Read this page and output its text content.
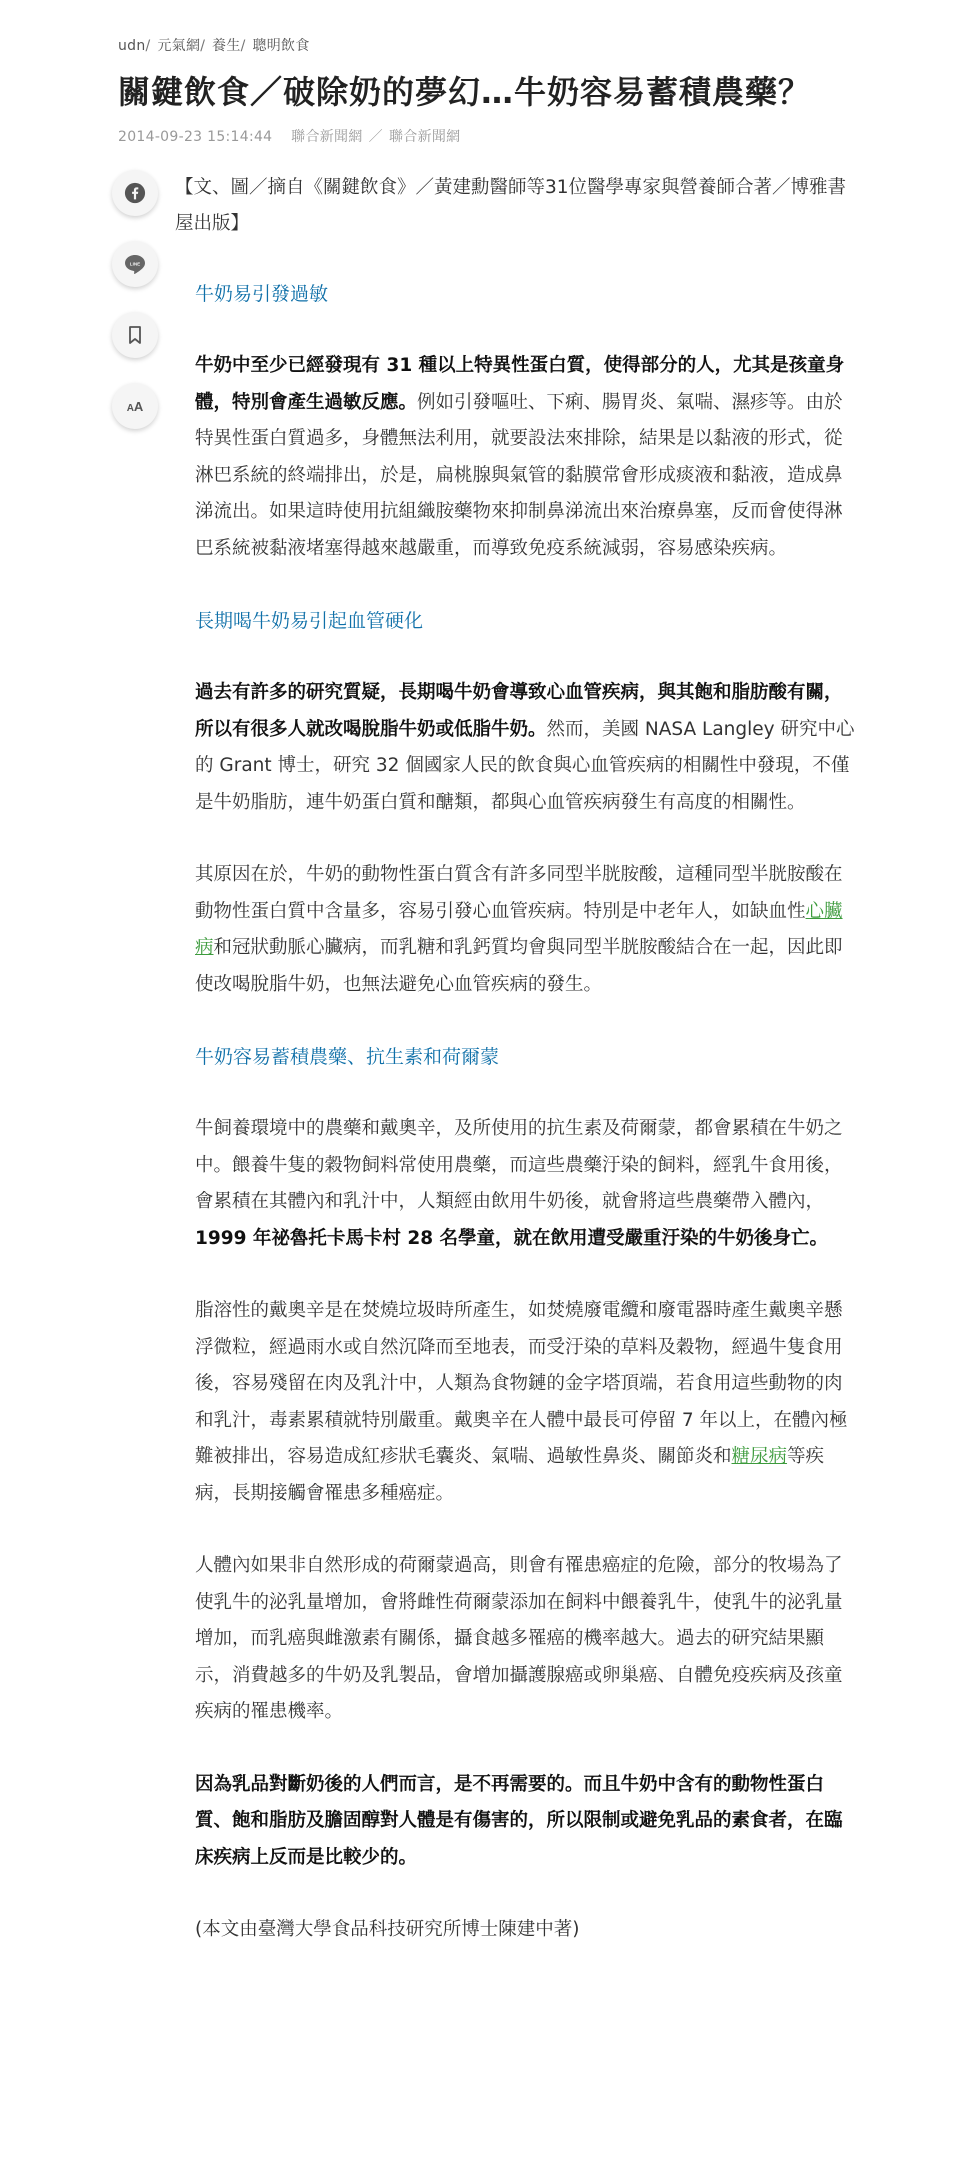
udn/ 元氣網/ 養生/ 聰明飲食
關鍵飲食／破除奶的夢幻…牛奶容易蓄積農藥？
2014-09-23 15:14:44 聯合新聞網 ／ 聯合新聞網
LINE
AA

【文、圖／摘自《關鍵飲食》／黃建勳醫師等31位醫學專家與營養師合著／博雅書屋出版】

牛奶易引發過敏

牛奶中至少已經發現有 31 種以上特異性蛋白質，使得部分的人，尤其是孩童身體，特別會產生過敏反應。例如引發嘔吐、下痢、腸胃炎、氣喘、濕疹等。由於特異性蛋白質過多，身體無法利用，就要設法來排除，結果是以黏液的形式，從淋巴系統的終端排出，於是，扁桃腺與氣管的黏膜常會形成痰液和黏液，造成鼻涕流出。如果這時使用抗組織胺藥物來抑制鼻涕流出來治療鼻塞，反而會使得淋巴系統被黏液堵塞得越來越嚴重，而導致免疫系統減弱，容易感染疾病。

長期喝牛奶易引起血管硬化

過去有許多的研究質疑，長期喝牛奶會導致心血管疾病，與其飽和脂肪酸有關，所以有很多人就改喝脫脂牛奶或低脂牛奶。然而，美國 NASA Langley 研究中心的 Grant 博士，研究 32 個國家人民的飲食與心血管疾病的相關性中發現，不僅是牛奶脂肪，連牛奶蛋白質和醣類，都與心血管疾病發生有高度的相關性。

其原因在於，牛奶的動物性蛋白質含有許多同型半胱胺酸，這種同型半胱胺酸在動物性蛋白質中含量多，容易引發心血管疾病。特別是中老年人，如缺血性心臟病和冠狀動脈心臟病，而乳糖和乳鈣質均會與同型半胱胺酸結合在一起，因此即使改喝脫脂牛奶，也無法避免心血管疾病的發生。

牛奶容易蓄積農藥、抗生素和荷爾蒙

牛飼養環境中的農藥和戴奧辛，及所使用的抗生素及荷爾蒙，都會累積在牛奶之中。餵養牛隻的穀物飼料常使用農藥，而這些農藥汙染的飼料，經乳牛食用後，會累積在其體內和乳汁中，人類經由飲用牛奶後，就會將這些農藥帶入體內，1999 年祕魯托卡馬卡村 28 名學童，就在飲用遭受嚴重汙染的牛奶後身亡。

脂溶性的戴奧辛是在焚燒垃圾時所產生，如焚燒廢電纜和廢電器時產生戴奧辛懸浮微粒，經過雨水或自然沉降而至地表，而受汙染的草料及穀物，經過牛隻食用後，容易殘留在肉及乳汁中，人類為食物鏈的金字塔頂端，若食用這些動物的肉和乳汁，毒素累積就特別嚴重。戴奧辛在人體中最長可停留 7 年以上，在體內極難被排出，容易造成紅疹狀毛囊炎、氣喘、過敏性鼻炎、關節炎和糖尿病等疾病，長期接觸會罹患多種癌症。

人體內如果非自然形成的荷爾蒙過高，則會有罹患癌症的危險，部分的牧場為了使乳牛的泌乳量增加，會將雌性荷爾蒙添加在飼料中餵養乳牛，使乳牛的泌乳量增加，而乳癌與雌激素有關係，攝食越多罹癌的機率越大。過去的研究結果顯示，消費越多的牛奶及乳製品，會增加攝護腺癌或卵巢癌、自體免疫疾病及孩童疾病的罹患機率。

因為乳品對斷奶後的人們而言，是不再需要的。而且牛奶中含有的動物性蛋白質、飽和脂肪及膽固醇對人體是有傷害的，所以限制或避免乳品的素食者，在臨床疾病上反而是比較少的。

(本文由臺灣大學食品科技研究所博士陳建中著)
